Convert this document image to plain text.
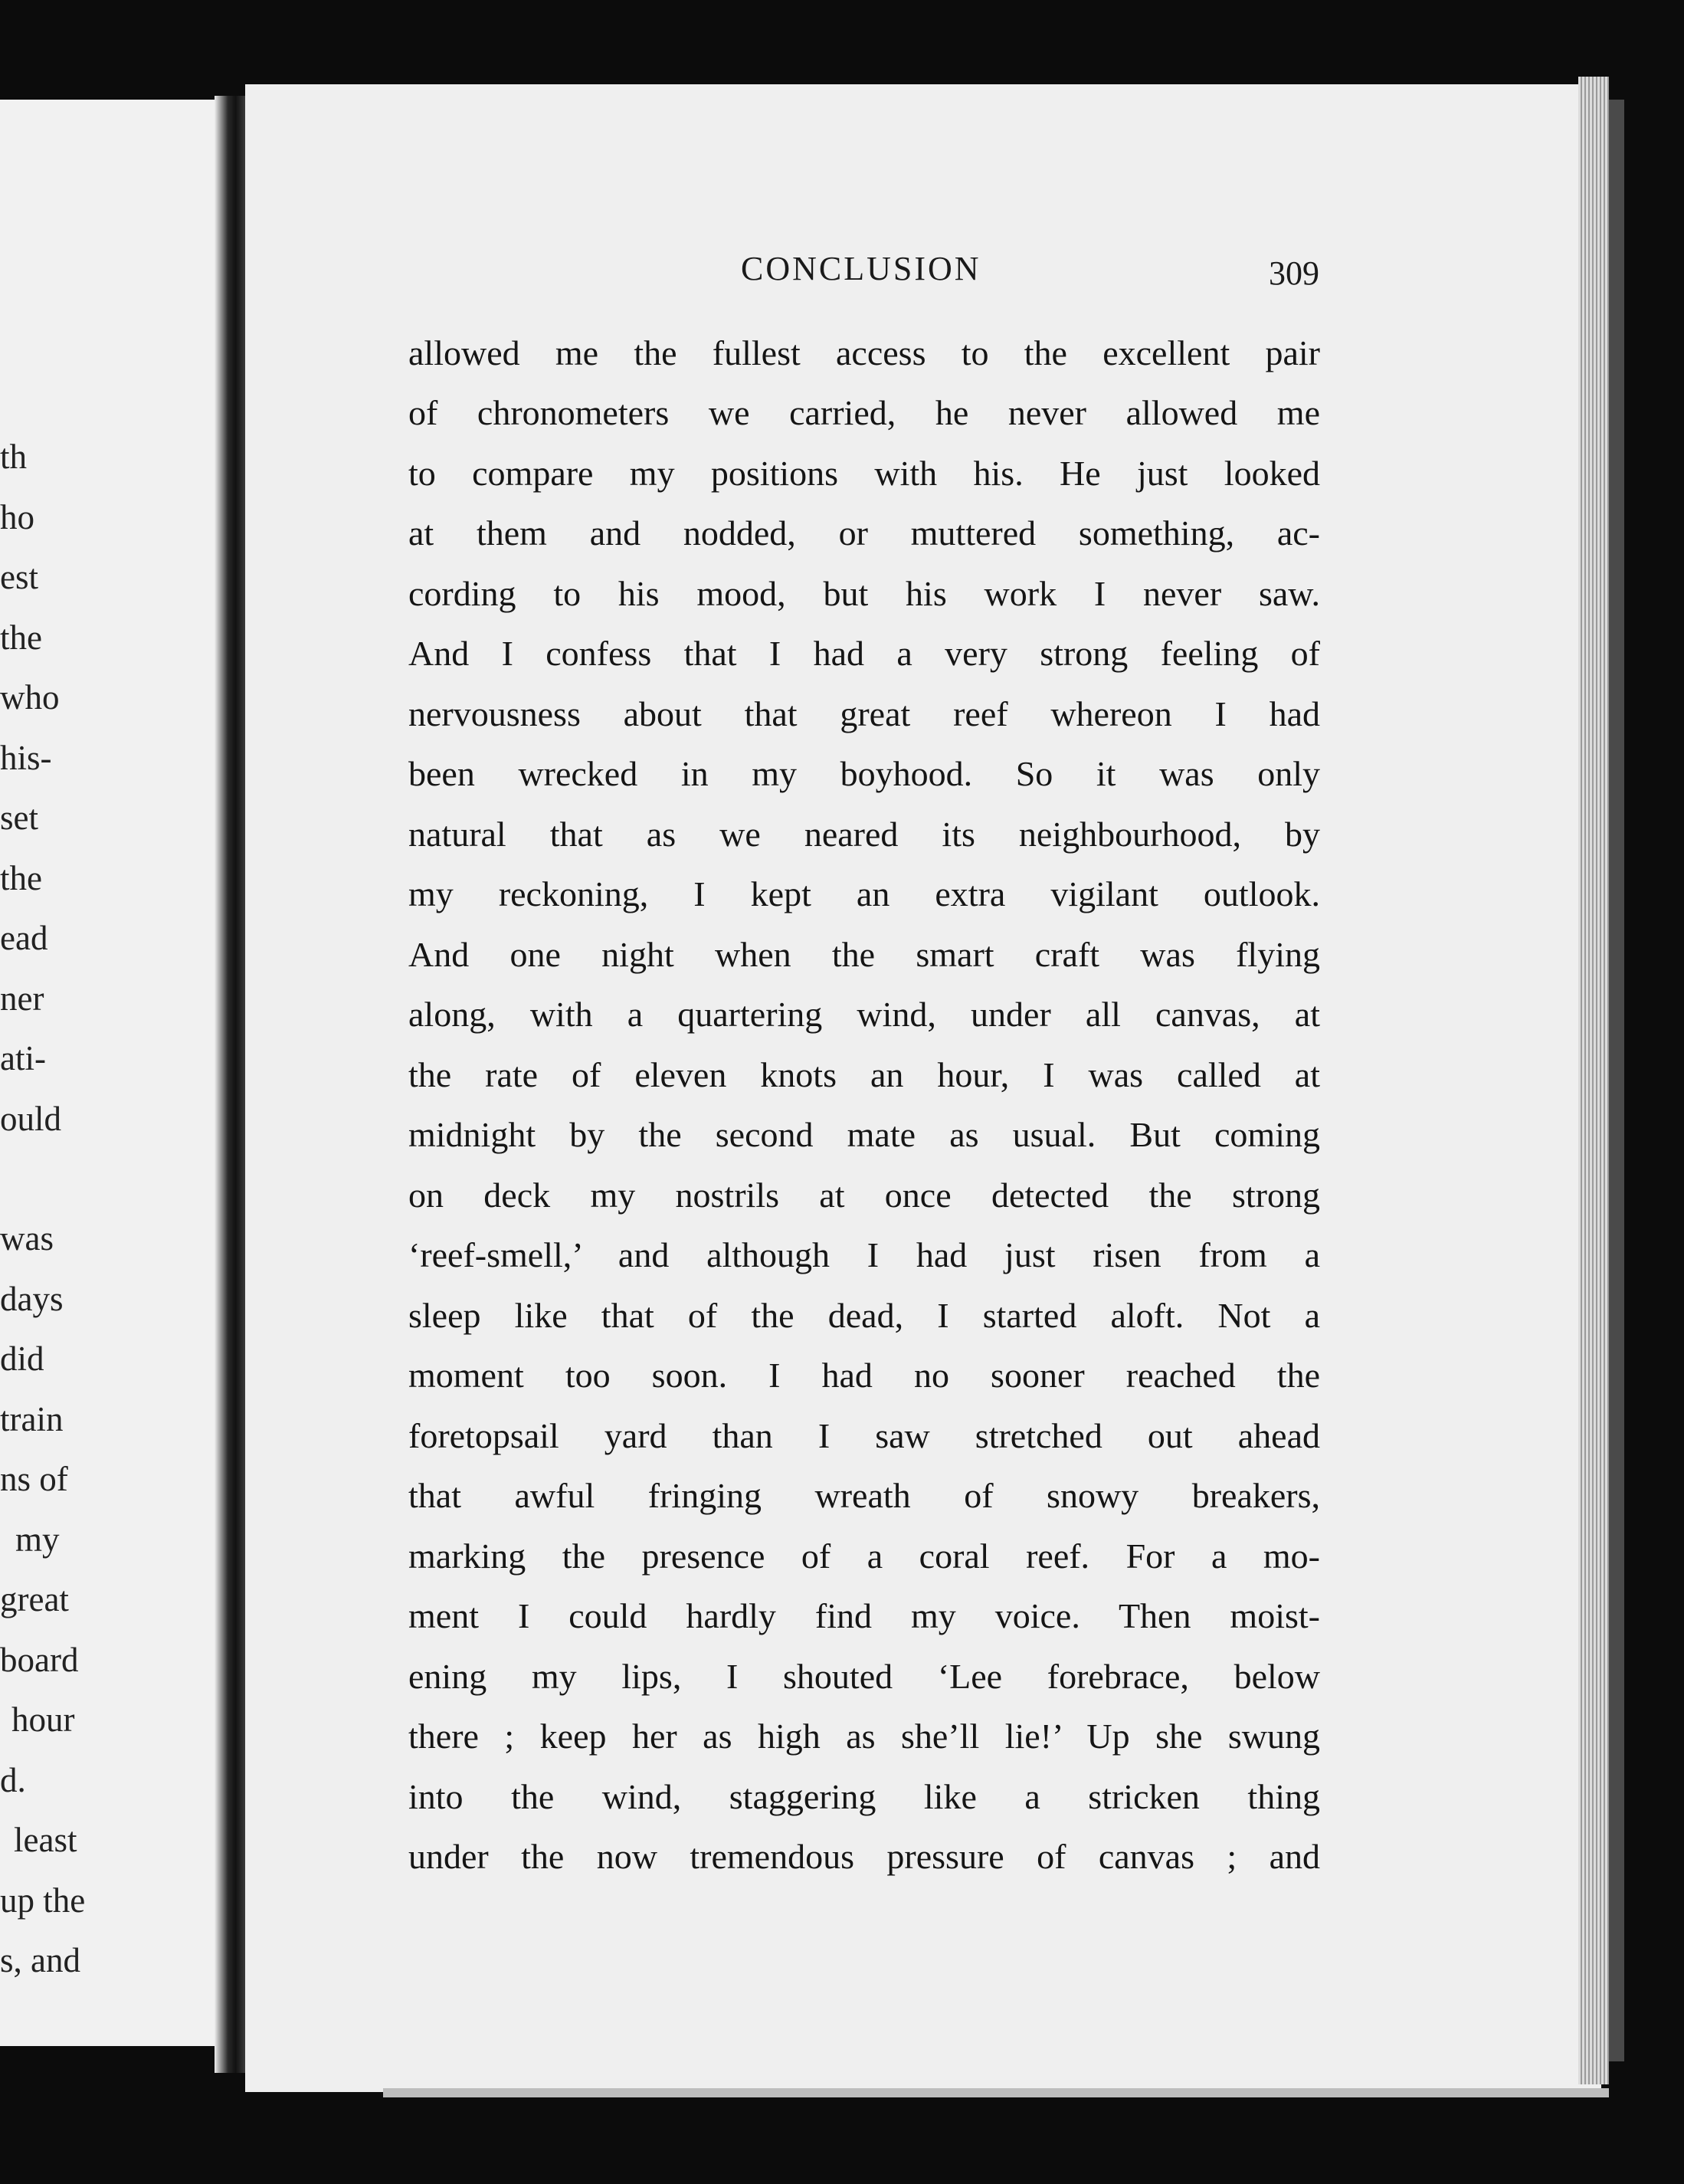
th
ho
est
the
who
his-
set
the
ead
ner
ati-
ould
was
days
did
train
ns of
my
great
board
hour
d.
least
up the
s, and
CONCLUSION	309
allowed me the fullest access to the excellent pair
of chronometers we carried, he never allowed me
to compare my positions with his. He just looked
at them and nodded, or muttered something, ac-
cording to his mood, but his work I never saw.
And I confess that I had a very strong feeling of
nervousness about that great reef whereon I had
been wrecked in my boyhood. So it was only
natural that as we neared its neighbourhood, by
my reckoning, I kept an extra vigilant outlook.
And one night when the smart craft was flying
along, with a quartering wind, under all canvas, at
the rate of eleven knots an hour, I was called at
midnight by the second mate as usual. But coming
on deck my nostrils at once detected the strong
‘reef-smell,’ and although I had just risen from a
sleep like that of the dead, I started aloft. Not a
moment too soon. I had no sooner reached the
foretopsail yard than I saw stretched out ahead
that awful fringing wreath of snowy breakers,
marking the presence of a coral reef. For a mo-
ment I could hardly find my voice. Then moist-
ening my lips, I shouted ‘Lee forebrace, below
there ; keep her as high as she’ll lie!’ Up she swung
into the wind, staggering like a stricken thing
under the now tremendous pressure of canvas ; and
